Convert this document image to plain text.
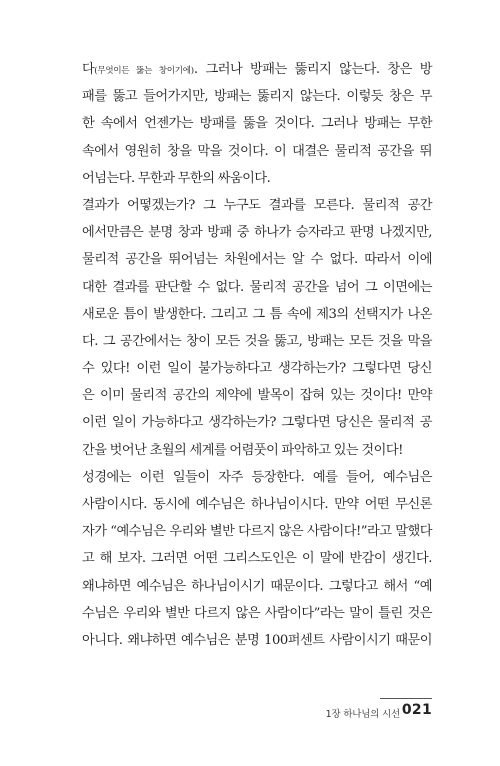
다(무엇이든 뚫는 창이기에). 그러나 방패는 뚫리지 않는다. 창은 방
패를 뚫고 들어가지만, 방패는 뚫리지 않는다. 이렇듯 창은 무
한 속에서 언젠가는 방패를 뚫을 것이다. 그러나 방패는 무한
속에서 영원히 창을 막을 것이다. 이 대결은 물리적 공간을 뛰
어넘는다. 무한과 무한의 싸움이다.
결과가 어떻겠는가? 그 누구도 결과를 모른다. 물리적 공간
에서만큼은 분명 창과 방패 중 하나가 승자라고 판명 나겠지만,
물리적 공간을 뛰어넘는 차원에서는 알 수 없다. 따라서 이에
대한 결과를 판단할 수 없다. 물리적 공간을 넘어 그 이면에는
새로운 틈이 발생한다. 그리고 그 틈 속에 제3의 선택지가 나온
다. 그 공간에서는 창이 모든 것을 뚫고, 방패는 모든 것을 막을
수 있다! 이런 일이 불가능하다고 생각하는가? 그렇다면 당신
은 이미 물리적 공간의 제약에 발목이 잡혀 있는 것이다! 만약
이런 일이 가능하다고 생각하는가? 그렇다면 당신은 물리적 공
간을 벗어난 초월의 세계를 어렴풋이 파악하고 있는 것이다!
성경에는 이런 일들이 자주 등장한다. 예를 들어, 예수님은
사람이시다. 동시에 예수님은 하나님이시다. 만약 어떤 무신론
자가 “예수님은 우리와 별반 다르지 않은 사람이다!”라고 말했다
고 해 보자. 그러면 어떤 그리스도인은 이 말에 반감이 생긴다.
왜냐하면 예수님은 하나님이시기 때문이다. 그렇다고 해서 “예
수님은 우리와 별반 다르지 않은 사람이다”라는 말이 틀린 것은
아니다. 왜냐하면 예수님은 분명 100퍼센트 사람이시기 때문이
1장 하나님의 시선 021
